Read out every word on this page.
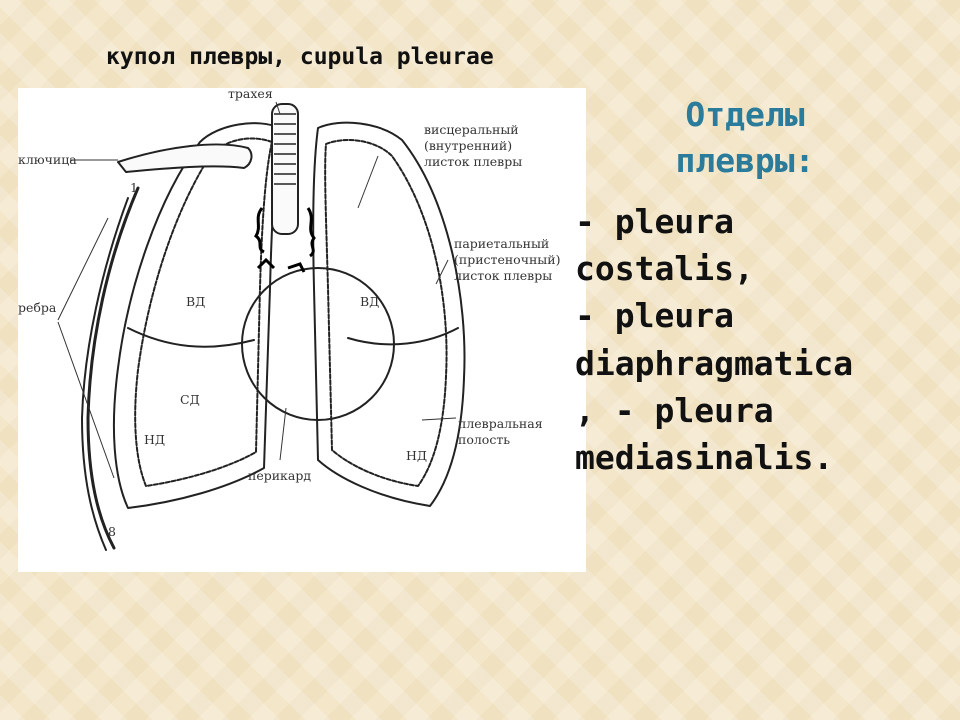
купол плевры, cupula pleurae
трахея
ключица
висцеральный
(внутренний)
листок плевры
париетальный
(пристеночный)
листок плевры
ребра
1
8
ВД	ВД
СД
НД
НД
плевральная
полость
перикард
Отделы
плевры:
- pleura
costalis,
- pleura
diaphragmatica
, - pleura
mediasinalis.
